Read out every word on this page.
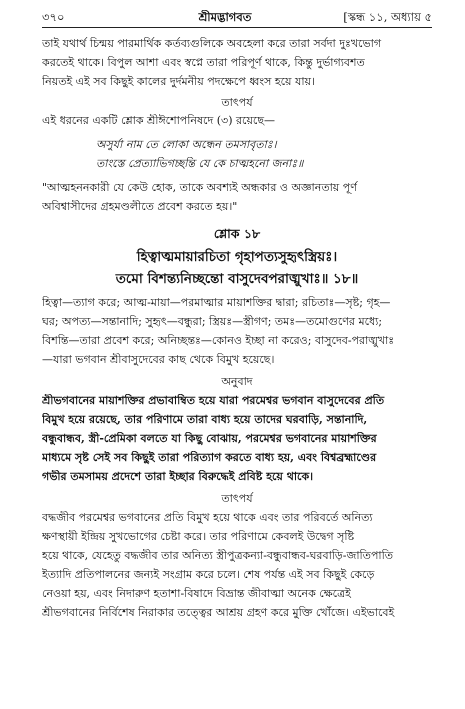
৩৭০	শ্রীমদ্ভাগবত	[স্কন্ধ ১১, অধ্যায় ৫
তাই যথার্থ চিন্ময় পারমার্থিক কর্তব্যগুলিকে অবহেলা করে তারা সর্বদা দুঃখভোগ
করতেই থাকে। বিপুল আশা এবং স্বপ্নে তারা পরিপূর্ণ থাকে, কিন্তু দুর্ভাগ্যবশত
নিয়তই এই সব কিছুই কালের দুর্দমনীয় পদক্ষেপে ধ্বংস হয়ে যায়।
তাৎপর্য
এই ধরনের একটি শ্লোক শ্রীঈশোপনিষদে (৩) রয়েছে—
অসুর্যা নাম তে লোকা অন্ধেন তমসাবৃতাঃ।
তাংস্তে প্রেত্যাভিগচ্ছন্তি যে কে চাত্মহনো জনাঃ॥
"আত্মহননকারী যে কেউ হোক, তাকে অবশ্যই অন্ধকার ও অজ্ঞানতায় পূর্ণ
অবিশ্বাসীদের গ্রহমণ্ডলীতে প্রবেশ করতে হয়।"
শ্লোক ১৮
হিত্বাত্মমায়ারচিতা গৃহাপত্যসুহৃৎস্ত্রিয়ঃ।
তমো বিশন্ত্যনিচ্ছন্তো বাসুদেবপরাঙ্মুখাঃ॥ ১৮॥
হিত্বা—ত্যাগ করে; আত্ম-মায়া—পরমাত্মার মায়াশক্তির দ্বারা; রচিতাঃ—সৃষ্ট; গৃহ—
ঘর; অপত্য—সন্তানাদি; সুহৃৎ—বন্ধুরা; স্ত্রিয়ঃ—স্ত্রীগণ; তমঃ—তমোগুণের মধ্যে;
বিশন্তি—তারা প্রবেশ করে; অনিচ্ছন্তঃ—কোনও ইচ্ছা না করেও; বাসুদেব-পরাঙ্মুখাঃ
—যারা ভগবান শ্রীবাসুদেবের কাছ থেকে বিমুখ হয়েছে।
অনুবাদ
শ্রীভগবানের মায়াশক্তির প্রভাবাম্বিত হয়ে যারা পরমেশ্বর ভগবান বাসুদেবের প্রতি
বিমুখ হয়ে রয়েছে, তার পরিণামে তারা বাধ্য হয়ে তাদের ঘরবাড়ি, সন্তানাদি,
বন্ধুবান্ধব, স্ত্রী-প্রেমিকা বলতে যা কিছু বোঝায়, পরমেশ্বর ভগবানের মায়াশক্তির
মাধ্যমে সৃষ্ট সেই সব কিছুই তারা পরিত্যাগ করতে বাধ্য হয়, এবং বিশ্বব্রহ্মাণ্ডের
গভীর তমসাময় প্রদেশে তারা ইচ্ছার বিরুদ্ধেই প্রবিষ্ট হয়ে থাকে।
তাৎপর্য
বদ্ধজীব পরমেশ্বর ভগবানের প্রতি বিমুখ হয়ে থাকে এবং তার পরিবর্তে অনিত্য
ক্ষণস্থায়ী ইন্দ্রিয় সুখভোগের চেষ্টা করে। তার পরিণামে কেবলই উদ্বেগ সৃষ্টি
হয়ে থাকে, যেহেতু বদ্ধজীব তার অনিত্য স্ত্রীপুত্রকন্যা-বন্ধুবান্ধব-ঘরবাড়ি-জাতিপাতি
ইত্যাদি প্রতিপালনের জন্যই সংগ্রাম করে চলে। শেষ পর্যন্ত এই সব কিছুই কেড়ে
নেওয়া হয়, এবং নিদারুণ হতাশা-বিষাদে বিভ্রান্ত জীবাত্মা অনেক ক্ষেত্রেই
শ্রীভগবানের নির্বিশেষ নিরাকার তত্ত্বের আশ্রয় গ্রহণ করে মুক্তি খোঁজে। এইভাবেই
